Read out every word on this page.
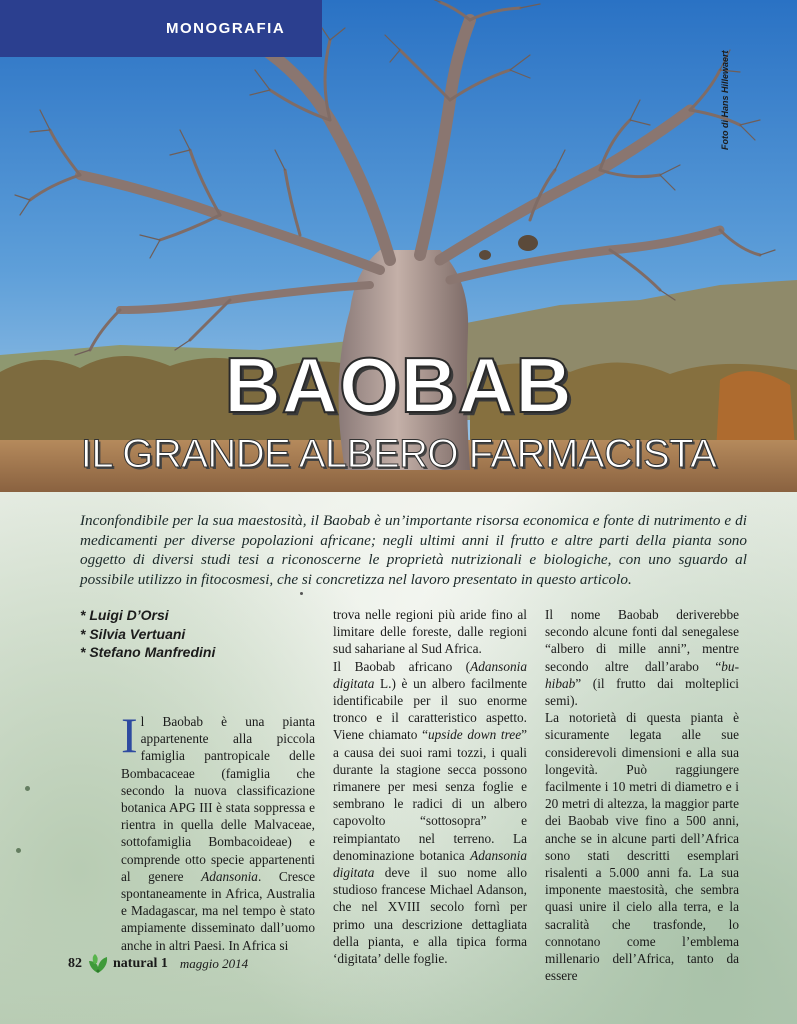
MONOGRAFIA
Foto di Hans Hillewaert
BAOBAB
IL GRANDE ALBERO FARMACISTA

Inconfondibile per la sua maestosità, il Baobab è un’importante risorsa economica e fonte di nutrimento e di medicamenti per diverse popolazioni africane; negli ultimi anni il frutto e altre parti della pianta sono oggetto di diversi studi tesi a riconoscerne le proprietà nutrizionali e biologiche, con uno sguardo al possibile utilizzo in fitocosmesi, che si concretizza nel lavoro presentato in questo articolo.

* Luigi D’Orsi
* Silvia Vertuani
* Stefano Manfredini

Il Baobab è una pianta appartenente alla piccola famiglia pantropicale delle Bombacaceae (famiglia che secondo la nuova classificazione botanica APG III è stata soppressa e rientra in quella delle Malvaceae, sottofamiglia Bombacoideae) e comprende otto specie appartenenti al genere Adansonia. Cresce spontaneamente in Africa, Australia e Madagascar, ma nel tempo è stato ampiamente disseminato dall’uomo anche in altri Paesi. In Africa si

trova nelle regioni più aride fino al limitare delle foreste, dalle regioni sud sahariane al Sud Africa.

Il Baobab africano (Adansonia digitata L.) è un albero facilmente identificabile per il suo enorme tronco e il caratteristico aspetto. Viene chiamato “upside down tree” a causa dei suoi rami tozzi, i quali durante la stagione secca possono rimanere per mesi senza foglie e sembrano le radici di un albero capovolto “sottosopra” e reimpiantato nel terreno. La denominazione botanica Adansonia digitata deve il suo nome allo studioso francese Michael Adanson, che nel XVIII secolo fornì per primo una descrizione dettagliata della pianta, e alla tipica forma ‘digitata’ delle foglie.

Il nome Baobab deriverebbe secondo alcune fonti dal senegalese “albero di mille anni”, mentre secondo altre dall’arabo “bu- hibab” (il frutto dai molteplici semi).

La notorietà di questa pianta è sicuramente legata alle sue considerevoli dimensioni e alla sua longevità. Può raggiungere facilmente i 10 metri di diametro e i 20 metri di altezza, la maggior parte dei Baobab vive fino a 500 anni, anche se in alcune parti dell’Africa sono stati descritti esemplari risalenti a 5.000 anni fa. La sua imponente maestosità, che sembra quasi unire il cielo alla terra, e la sacralità che trasfonde, lo connotano come l’emblema millenario dell’Africa, tanto da essere

82 natural 1 maggio 2014
